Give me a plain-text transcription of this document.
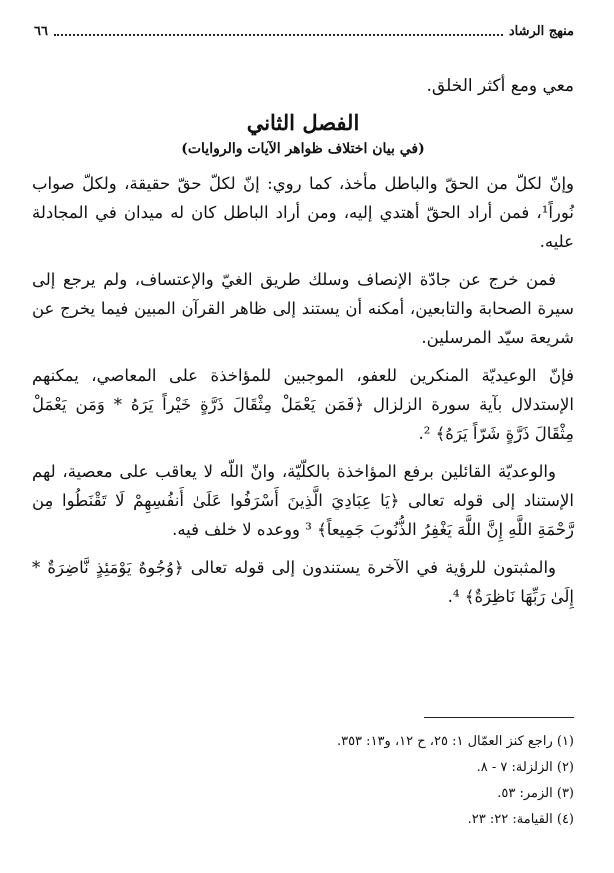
منهج الرشاد
٦٦

معي ومع أكثر الخلق.

الفصل الثاني

(في بيان اختلاف ظواهر الآيات والروايات)

وإنّ لكلّ من الحقّ والباطل مأخذ، كما روي: إنّ لكلّ حقّ حقيقة، ولكلّ صواب نُوراً¹، فمن أراد الحقّ أهتدي إليه، ومن أراد الباطل كان له ميدان في المجادلة عليه.

فمن خرج عن جادّة الإنصاف وسلك طريق الغيّ والإعتساف، ولم يرجع إلى سيرة الصحابة والتابعين، أمكنه أن يستند إلى ظاهر القرآن المبين فيما يخرج عن شريعة سيّد المرسلين.

فإنّ الوعيديّة المنكرين للعفو، الموجبين للمؤاخذة على المعاصي، يمكنهم الإستدلال بآية سورة الزلزال ﴿فَمَن يَعْمَلْ مِثْقَالَ ذَرَّةٍ خَيْراً يَرَهُ * وَمَن يَعْمَلْ مِثْقَالَ ذَرَّةٍ شَرّاً يَرَهُ﴾ ².

والوعديّة القائلين برفع المؤاخذة بالكلّيّة، وانّ اللّه لا يعاقب على معصية، لهم الإستناد إلى قوله تعالى ﴿يَا عِبَادِيَ الَّذِينَ أَسْرَفُوا عَلَىٰ أَنفُسِهِمْ لَا تَقْنَطُوا مِن رَّحْمَةِ اللَّهِ إِنَّ اللَّهَ يَغْفِرُ الذُّنُوبَ جَمِيعاً﴾ ³ ووعده لا خلف فيه.

والمثبتون للرؤية في الآخرة يستندون إلى قوله تعالى ﴿وُجُوهٌ يَوْمَئِذٍ نَّاضِرَةٌ * إِلَىٰ رَبِّهَا نَاظِرَةٌ﴾ ⁴.

(١) راجع كنز العمّال ١: ٢٥، ح ١٢، و١٣: ٣٥٣.

(٢) الزلزلة: ٧ - ٨.

(٣) الزمر: ٥٣.

(٤) القيامة: ٢٢: ٢٣.
